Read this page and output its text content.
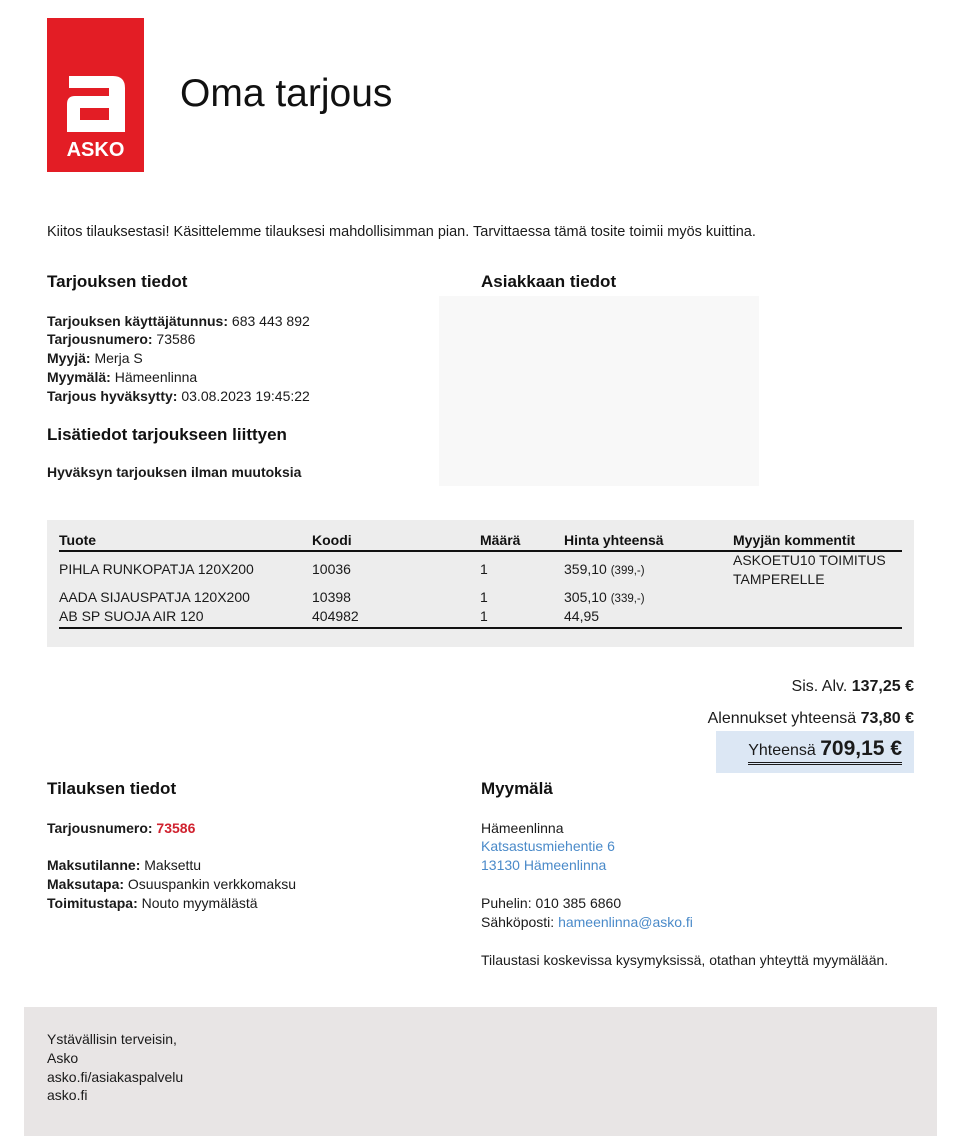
ASKO
Oma tarjous
Kiitos tilauksestasi! Käsittelemme tilauksesi mahdollisimman pian. Tarvittaessa tämä tosite toimii myös kuittina.
Tarjouksen tiedot
Tarjouksen käyttäjätunnus: 683 443 892
Tarjousnumero: 73586
Myyjä: Merja S
Myymälä: Hämeenlinna
Tarjous hyväksytty: 03.08.2023 19:45:22
Lisätiedot tarjoukseen liittyen
Hyväksyn tarjouksen ilman muutoksia
Asiakkaan tiedot
Tuote	Koodi	Määrä	Hinta yhteensä	Myyjän kommentit
PIHLA RUNKOPATJA 120X200	10036	1	359,10 (399,-)
ASKOETU10 TOIMITUS
TAMPERELLE
AADA SIJAUSPATJA 120X200	10398	1	305,10 (339,-)
AB SP SUOJA AIR 120	404982	1	44,95
Sis. Alv. 137,25 €
Alennukset yhteensä 73,80 €
Yhteensä 709,15 €
Tilauksen tiedot
Tarjousnumero: 73586
Maksutilanne: Maksettu
Maksutapa: Osuuspankin verkkomaksu
Toimitustapa: Nouto myymälästä
Myymälä
Hämeenlinna
Katsastusmiehentie 6
13130 Hämeenlinna
Puhelin: 010 385 6860
Sähköposti: hameenlinna@asko.fi
Tilaustasi koskevissa kysymyksissä, otathan yhteyttä myymälään.
Ystävällisin terveisin,
Asko
asko.fi/asiakaspalvelu
asko.fi
